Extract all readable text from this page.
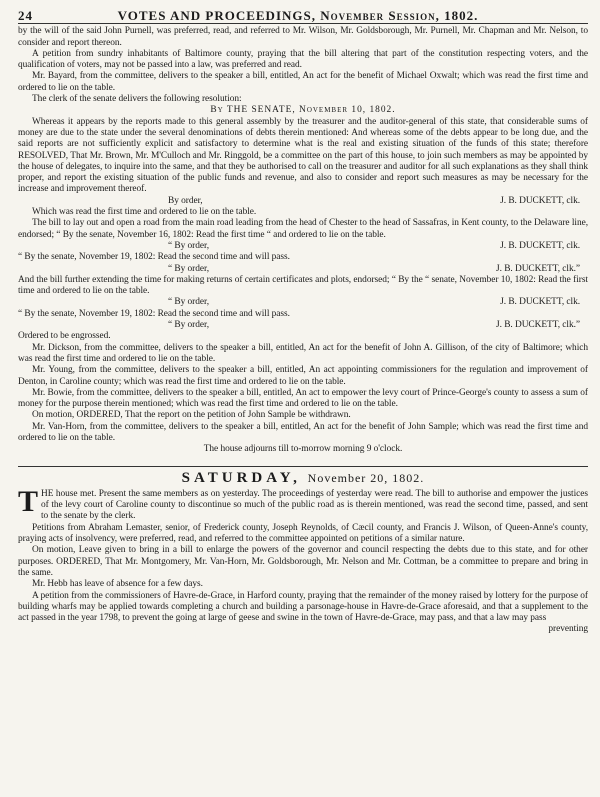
24	VOTES AND PROCEEDINGS, November Session, 1802.

by the will of the said John Purnell, was preferred, read, and referred to Mr. Wilson, Mr. Goldsborough, Mr. Purnell, Mr. Chapman and Mr. Nelson, to consider and report thereon.

A petition from sundry inhabitants of Baltimore county, praying that the bill altering that part of the constitution respecting voters, and the qualification of voters, may not be passed into a law, was preferred and read.

Mr. Bayard, from the committee, delivers to the speaker a bill, entitled, An act for the benefit of Michael Oxwalt; which was read the first time and ordered to lie on the table.

The clerk of the senate delivers the following resolution:

By THE SENATE, November 10, 1802.

Whereas it appears by the reports made to this general assembly by the treasurer and the auditor-general of this state, that considerable sums of money are due to the state under the several denominations of debts therein mentioned: And whereas some of the debts appear to be long due, and the said reports are not sufficiently explicit and satisfactory to determine what is the real and existing situation of the funds of this state; therefore RESOLVED, That Mr. Brown, Mr. M'Culloch and Mr. Ringgold, be a committee on the part of this house, to join such members as may be appointed by the house of delegates, to inquire into the same, and that they be authorised to call on the treasurer and auditor for all such explanations as they shall think proper, and report the existing situation of the public funds and revenue, and also to consider and report such measures as may be necessary for the increase and improvement thereof.

By order,	J. B. DUCKETT, clk.

Which was read the first time and ordered to lie on the table.

The bill to lay out and open a road from the main road leading from the head of Chester to the head of Sassafras, in Kent county, to the Delaware line, endorsed; “ By the senate, November 16, 1802: Read the first time “ and ordered to lie on the table.

“ By order,	J. B. DUCKETT, clk.

“ By the senate, November 19, 1802: Read the second time and will pass.

“ By order,	J. B. DUCKETT, clk.”

And the bill further extending the time for making returns of certain certificates and plots, endorsed; “ By the “ senate, November 10, 1802: Read the first time and ordered to lie on the table.

“ By order,	J. B. DUCKETT, clk.

“ By the senate, November 19, 1802: Read the second time and will pass.

“ By order,	J. B. DUCKETT, clk.”

Ordered to be engrossed.

Mr. Dickson, from the committee, delivers to the speaker a bill, entitled, An act for the benefit of John A. Gillison, of the city of Baltimore; which was read the first time and ordered to lie on the table.

Mr. Young, from the committee, delivers to the speaker a bill, entitled, An act appointing commissioners for the regulation and improvement of Denton, in Caroline county; which was read the first time and ordered to lie on the table.

Mr. Bowie, from the committee, delivers to the speaker a bill, entitled, An act to empower the levy court of Prince-George's county to assess a sum of money for the purpose therein mentioned; which was read the first time and ordered to lie on the table.

On motion, ORDERED, That the report on the petition of John Sample be withdrawn.

Mr. Van-Horn, from the committee, delivers to the speaker a bill, entitled, An act for the benefit of John Sample; which was read the first time and ordered to lie on the table.

The house adjourns till to-morrow morning 9 o'clock.

SATURDAY, November 20, 1802.

THE house met. Present the same members as on yesterday. The proceedings of yesterday were read. The bill to authorise and empower the justices of the levy court of Caroline county to discontinue so much of the public road as is therein mentioned, was read the second time, passed, and sent to the senate by the clerk.

Petitions from Abraham Lemaster, senior, of Frederick county, Joseph Reynolds, of Cæcil county, and Francis J. Wilson, of Queen-Anne's county, praying acts of insolvency, were preferred, read, and referred to the committee appointed on petitions of a similar nature.

On motion, Leave given to bring in a bill to enlarge the powers of the governor and council respecting the debts due to this state, and for other purposes. ORDERED, That Mr. Montgomery, Mr. Van-Horn, Mr. Goldsborough, Mr. Nelson and Mr. Cottman, be a committee to prepare and bring in the same.

Mr. Hebb has leave of absence for a few days.

A petition from the commissioners of Havre-de-Grace, in Harford county, praying that the remainder of the money raised by lottery for the purpose of building wharfs may be applied towards completing a church and building a parsonage-house in Havre-de-Grace aforesaid, and that a supplement to the act passed in the year 1798, to prevent the going at large of geese and swine in the town of Havre-de-Grace, may pass, and that a law may pass

preventing
